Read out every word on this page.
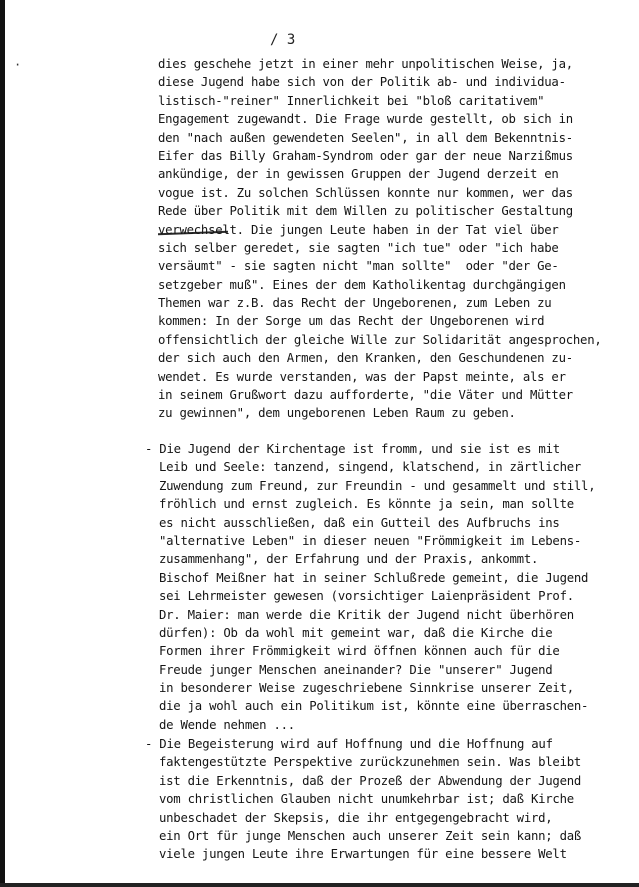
/ 3
·	dies geschehe jetzt in einer mehr unpolitischen Weise, ja,
diese Jugend habe sich von der Politik ab- und individua-
listisch-"reiner" Innerlichkeit bei "bloß caritativem"
Engagement zugewandt. Die Frage wurde gestellt, ob sich in
den "nach außen gewendeten Seelen", in all dem Bekenntnis-
Eifer das Billy Graham-Syndrom oder gar der neue Narzißmus
ankündige, der in gewissen Gruppen der Jugend derzeit en
vogue ist. Zu solchen Schlüssen konnte nur kommen, wer das
Rede über Politik mit dem Willen zu politischer Gestaltung
verwechselt. Die jungen Leute haben in der Tat viel über
sich selber geredet, sie sagten "ich tue" oder "ich habe
versäumt" - sie sagten nicht "man sollte"  oder "der Ge-
setzgeber muß". Eines der dem Katholikentag durchgängigen
Themen war z.B. das Recht der Ungeborenen, zum Leben zu
kommen: In der Sorge um das Recht der Ungeborenen wird
offensichtlich der gleiche Wille zur Solidarität angesprochen,
der sich auch den Armen, den Kranken, den Geschundenen zu-
wendet. Es wurde verstanden, was der Papst meinte, als er
in seinem Grußwort dazu aufforderte, "die Väter und Mütter
zu gewinnen", dem ungeborenen Leben Raum zu geben.
- Die Jugend der Kirchentage ist fromm, und sie ist es mit
Leib und Seele: tanzend, singend, klatschend, in zärtlicher
Zuwendung zum Freund, zur Freundin - und gesammelt und still,
fröhlich und ernst zugleich. Es könnte ja sein, man sollte
es nicht ausschließen, daß ein Gutteil des Aufbruchs ins
"alternative Leben" in dieser neuen "Frömmigkeit im Lebens-
zusammenhang", der Erfahrung und der Praxis, ankommt.
Bischof Meißner hat in seiner Schlußrede gemeint, die Jugend
sei Lehrmeister gewesen (vorsichtiger Laienpräsident Prof.
Dr. Maier: man werde die Kritik der Jugend nicht überhören
dürfen): Ob da wohl mit gemeint war, daß die Kirche die
Formen ihrer Frömmigkeit wird öffnen können auch für die
Freude junger Menschen aneinander? Die "unserer" Jugend
in besonderer Weise zugeschriebene Sinnkrise unserer Zeit,
die ja wohl auch ein Politikum ist, könnte eine überraschen-
de Wende nehmen ...
- Die Begeisterung wird auf Hoffnung und die Hoffnung auf
faktengestützte Perspektive zurückzunehmen sein. Was bleibt
ist die Erkenntnis, daß der Prozeß der Abwendung der Jugend
vom christlichen Glauben nicht unumkehrbar ist; daß Kirche
unbeschadet der Skepsis, die ihr entgegengebracht wird,
ein Ort für junge Menschen auch unserer Zeit sein kann; daß
viele jungen Leute ihre Erwartungen für eine bessere Welt
